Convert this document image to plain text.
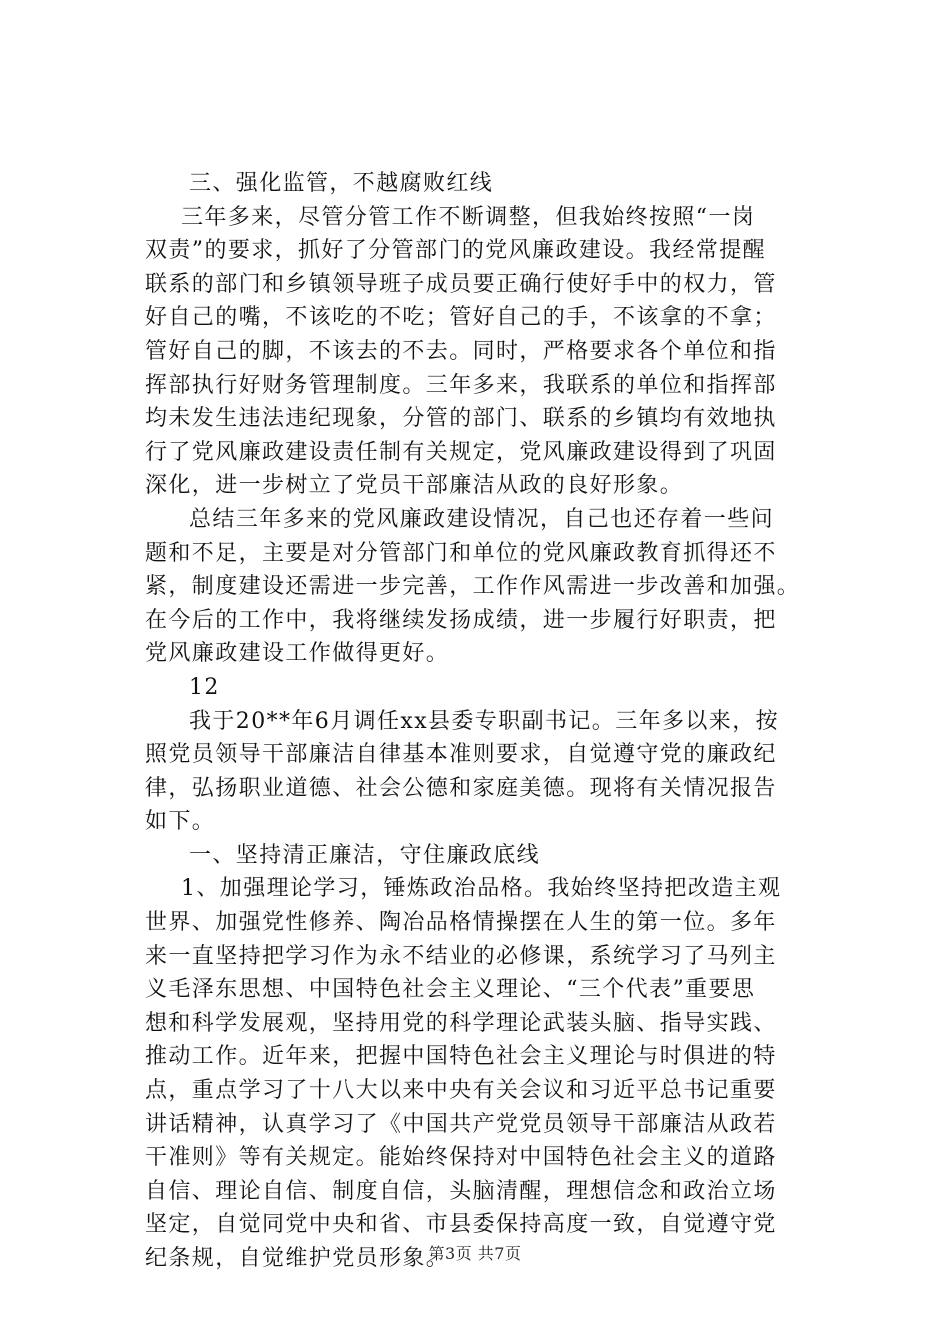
三、强化监管，不越腐败红线
三年多来，尽管分管工作不断调整，但我始终按照“一岗
双责”的要求，抓好了分管部门的党风廉政建设。我经常提醒
联系的部门和乡镇领导班子成员要正确行使好手中的权力，管
好自己的嘴，不该吃的不吃；管好自己的手，不该拿的不拿；
管好自己的脚，不该去的不去。同时，严格要求各个单位和指
挥部执行好财务管理制度。三年多来，我联系的单位和指挥部
均未发生违法违纪现象，分管的部门、联系的乡镇均有效地执
行了党风廉政建设责任制有关规定，党风廉政建设得到了巩固
深化，进一步树立了党员干部廉洁从政的良好形象。
总结三年多来的党风廉政建设情况，自己也还存着一些问
题和不足，主要是对分管部门和单位的党风廉政教育抓得还不
紧，制度建设还需进一步完善，工作作风需进一步改善和加强。
在今后的工作中，我将继续发扬成绩，进一步履行好职责，把
党风廉政建设工作做得更好。
12
我于20**年6月调任xx县委专职副书记。三年多以来，按
照党员领导干部廉洁自律基本准则要求，自觉遵守党的廉政纪
律，弘扬职业道德、社会公德和家庭美德。现将有关情况报告
如下。
一、坚持清正廉洁，守住廉政底线
1、加强理论学习，锤炼政治品格。我始终坚持把改造主观
世界、加强党性修养、陶冶品格情操摆在人生的第一位。多年
来一直坚持把学习作为永不结业的必修课，系统学习了马列主
义毛泽东思想、中国特色社会主义理论、“三个代表”重要思
想和科学发展观，坚持用党的科学理论武装头脑、指导实践、
推动工作。近年来，把握中国特色社会主义理论与时俱进的特
点，重点学习了十八大以来中央有关会议和习近平总书记重要
讲话精神，认真学习了《中国共产党党员领导干部廉洁从政若
干准则》等有关规定。能始终保持对中国特色社会主义的道路
自信、理论自信、制度自信，头脑清醒，理想信念和政治立场
坚定，自觉同党中央和省、市县委保持高度一致，自觉遵守党
纪条规，自觉维护党员形象。
第3页 共7页
